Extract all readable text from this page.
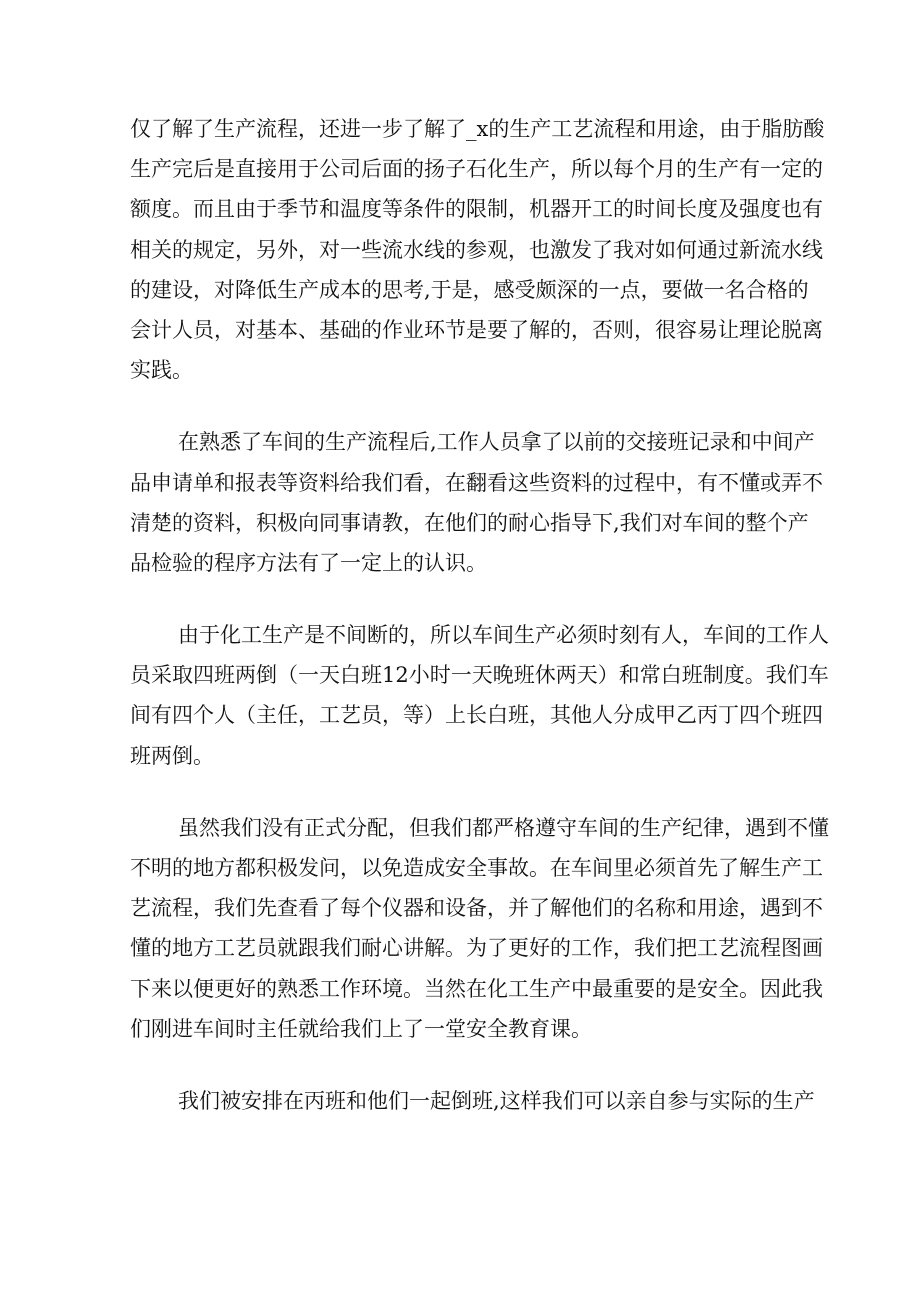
仅了解了生产流程，还进一步了解了_x的生产工艺流程和用途，由于脂肪酸
生产完后是直接用于公司后面的扬子石化生产，所以每个月的生产有一定的
额度。而且由于季节和温度等条件的限制，机器开工的时间长度及强度也有
相关的规定，另外，对一些流水线的参观，也激发了我对如何通过新流水线
的建设，对降低生产成本的思考,于是，感受颇深的一点，要做一名合格的
会计人员，对基本、基础的作业环节是要了解的，否则，很容易让理论脱离
实践。
在熟悉了车间的生产流程后,工作人员拿了以前的交接班记录和中间产
品申请单和报表等资料给我们看，在翻看这些资料的过程中，有不懂或弄不
清楚的资料，积极向同事请教，在他们的耐心指导下,我们对车间的整个产
品检验的程序方法有了一定上的认识。
由于化工生产是不间断的，所以车间生产必须时刻有人，车间的工作人
员采取四班两倒（一天白班12小时一天晚班休两天）和常白班制度。我们车
间有四个人（主任，工艺员，等）上长白班，其他人分成甲乙丙丁四个班四
班两倒。
虽然我们没有正式分配，但我们都严格遵守车间的生产纪律，遇到不懂
不明的地方都积极发问，以免造成安全事故。在车间里必须首先了解生产工
艺流程，我们先查看了每个仪器和设备，并了解他们的名称和用途，遇到不
懂的地方工艺员就跟我们耐心讲解。为了更好的工作，我们把工艺流程图画
下来以便更好的熟悉工作环境。当然在化工生产中最重要的是安全。因此我
们刚进车间时主任就给我们上了一堂安全教育课。
我们被安排在丙班和他们一起倒班,这样我们可以亲自参与实际的生产
